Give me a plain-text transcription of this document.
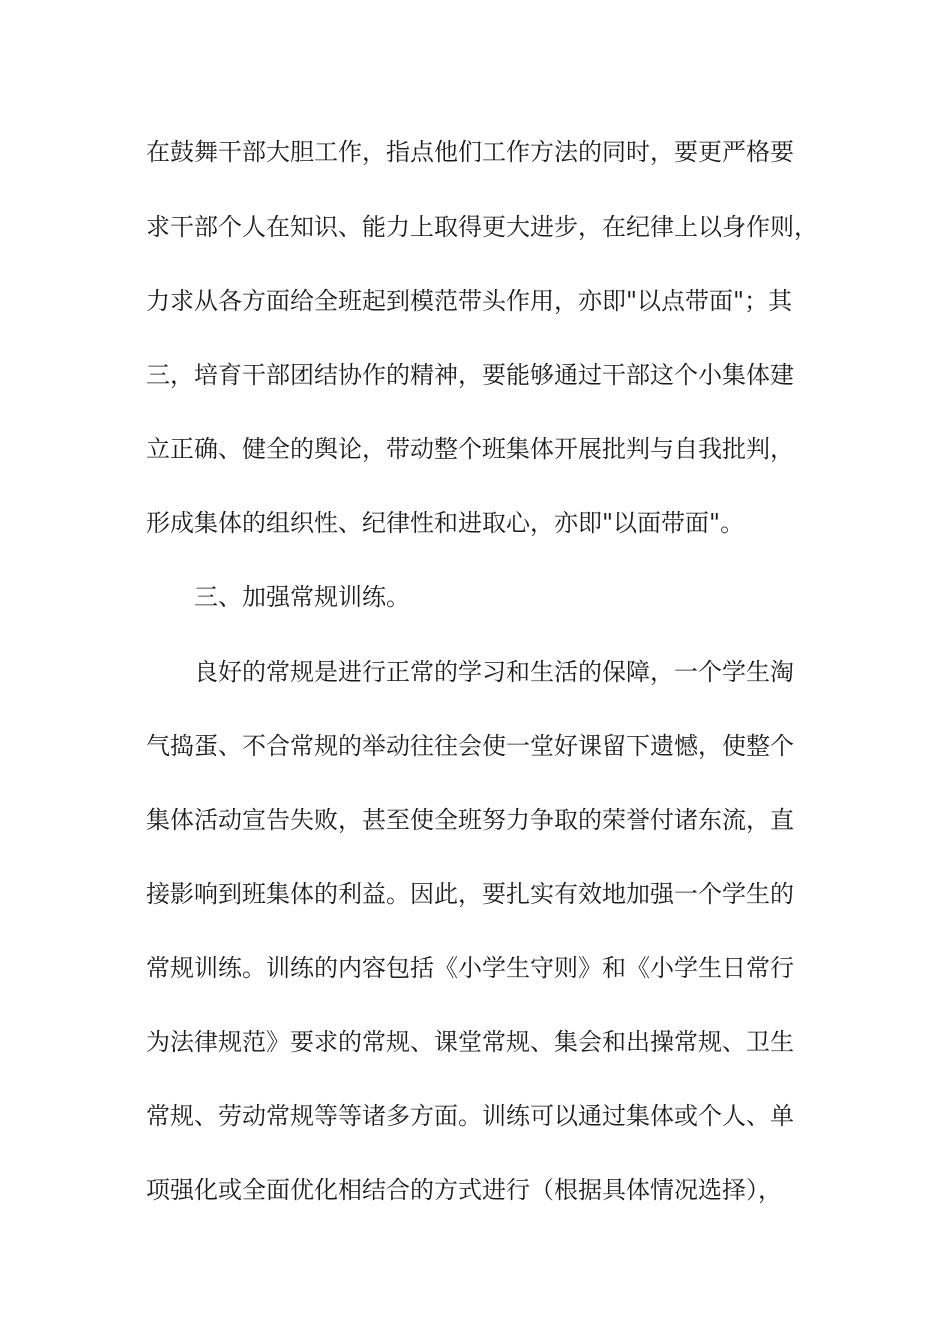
在鼓舞干部大胆工作，指点他们工作方法的同时，要更严格要
求干部个人在知识、能力上取得更大进步，在纪律上以身作则，
力求从各方面给全班起到模范带头作用，亦即"以点带面"；其
三，培育干部团结协作的精神，要能够通过干部这个小集体建
立正确、健全的舆论，带动整个班集体开展批判与自我批判，
形成集体的组织性、纪律性和进取心，亦即"以面带面"。
三、加强常规训练。
良好的常规是进行正常的学习和生活的保障，一个学生淘
气捣蛋、不合常规的举动往往会使一堂好课留下遗憾，使整个
集体活动宣告失败，甚至使全班努力争取的荣誉付诸东流，直
接影响到班集体的利益。因此，要扎实有效地加强一个学生的
常规训练。训练的内容包括《小学生守则》和《小学生日常行
为法律规范》要求的常规、课堂常规、集会和出操常规、卫生
常规、劳动常规等等诸多方面。训练可以通过集体或个人、单
项强化或全面优化相结合的方式进行（根据具体情况选择），
